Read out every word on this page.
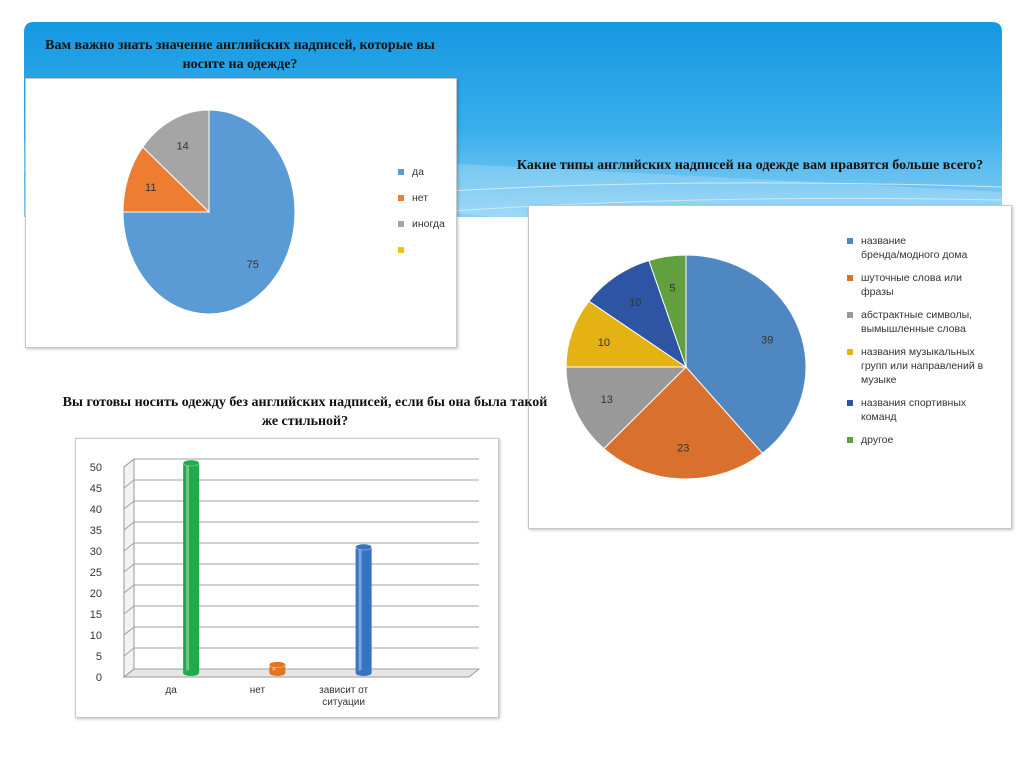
Вам важно знать значение английских надписей, которые вы носите на одежде?
Какие типы английских надписей на одежде вам нравятся больше всего?
75
11
14
да
нет
иногда
39
23
13
10
10
5
название
бренда/модного дома
шуточные слова или
фразы
абстрактные символы,
вымышленные слова
названия музыкальных
групп или направлений в
музыке
названия спортивных
команд
другое
Вы готовы носить одежду без английских надписей, если бы она была такой же стильной?
0
5
10
15
20
25
30
35
40
45
50
да	нет	зависит от
ситуации
